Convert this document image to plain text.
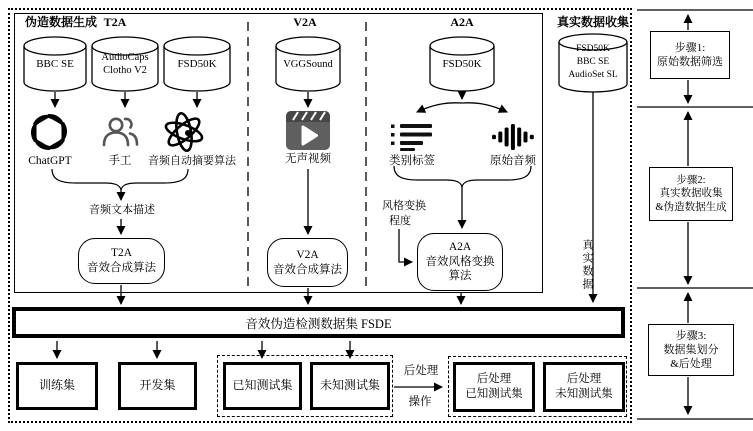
伪造数据生成 T2A	V2A	A2A	真实数据收集
BBC SE
AudioCaps
Clotho V2
FSD50K	VGGSound	FSD50K
FSD50K
BBC SE
AudioSet SL
ChatGPT	手工	音频自动摘要算法
音频文本描述
T2A
音效合成算法
无声视频
V2A
音效合成算法
类别标签	原始音频
风格变换
程度
A2A
音效风格变换
算法	真实数据
音效伪造检测数据集 FSDE
训练集	开发集	已知测试集 未知测试集
后处理
操作
后处理
已知测试集
后处理
未知测试集
步骤1:
原始数据筛选
步骤2:
真实数据收集
&伪造数据生成
步骤3:
数据集划分
&后处理
